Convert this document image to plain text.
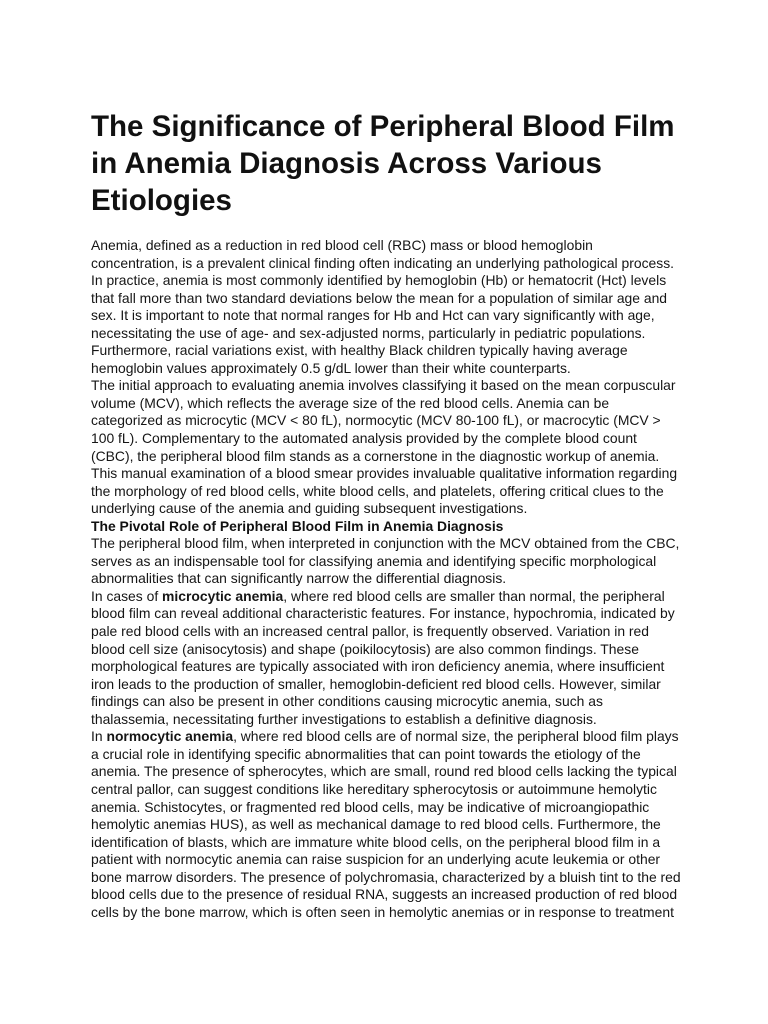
The Significance of Peripheral Blood Film in Anemia Diagnosis Across Various Etiologies

Anemia, defined as a reduction in red blood cell (RBC) mass or blood hemoglobin concentration, is a prevalent clinical finding often indicating an underlying pathological process. In practice, anemia is most commonly identified by hemoglobin (Hb) or hematocrit (Hct) levels that fall more than two standard deviations below the mean for a population of similar age and sex. It is important to note that normal ranges for Hb and Hct can vary significantly with age, necessitating the use of age- and sex-adjusted norms, particularly in pediatric populations. Furthermore, racial variations exist, with healthy Black children typically having average hemoglobin values approximately 0.5 g/dL lower than their white counterparts.

The initial approach to evaluating anemia involves classifying it based on the mean corpuscular volume (MCV), which reflects the average size of the red blood cells. Anemia can be categorized as microcytic (MCV < 80 fL), normocytic (MCV 80-100 fL), or macrocytic (MCV > 100 fL). Complementary to the automated analysis provided by the complete blood count (CBC), the peripheral blood film stands as a cornerstone in the diagnostic workup of anemia. This manual examination of a blood smear provides invaluable qualitative information regarding the morphology of red blood cells, white blood cells, and platelets, offering critical clues to the underlying cause of the anemia and guiding subsequent investigations.

The Pivotal Role of Peripheral Blood Film in Anemia Diagnosis

The peripheral blood film, when interpreted in conjunction with the MCV obtained from the CBC, serves as an indispensable tool for classifying anemia and identifying specific morphological abnormalities that can significantly narrow the differential diagnosis.

In cases of microcytic anemia, where red blood cells are smaller than normal, the peripheral blood film can reveal additional characteristic features. For instance, hypochromia, indicated by pale red blood cells with an increased central pallor, is frequently observed. Variation in red blood cell size (anisocytosis) and shape (poikilocytosis) are also common findings. These morphological features are typically associated with iron deficiency anemia, where insufficient iron leads to the production of smaller, hemoglobin-deficient red blood cells. However, similar findings can also be present in other conditions causing microcytic anemia, such as thalassemia, necessitating further investigations to establish a definitive diagnosis.

In normocytic anemia, where red blood cells are of normal size, the peripheral blood film plays a crucial role in identifying specific abnormalities that can point towards the etiology of the anemia. The presence of spherocytes, which are small, round red blood cells lacking the typical central pallor, can suggest conditions like hereditary spherocytosis or autoimmune hemolytic anemia. Schistocytes, or fragmented red blood cells, may be indicative of microangiopathic hemolytic anemias HUS), as well as mechanical damage to red blood cells. Furthermore, the identification of blasts, which are immature white blood cells, on the peripheral blood film in a patient with normocytic anemia can raise suspicion for an underlying acute leukemia or other bone marrow disorders. The presence of polychromasia, characterized by a bluish tint to the red blood cells due to the presence of residual RNA, suggests an increased production of red blood cells by the bone marrow, which is often seen in hemolytic anemias or in response to treatment
